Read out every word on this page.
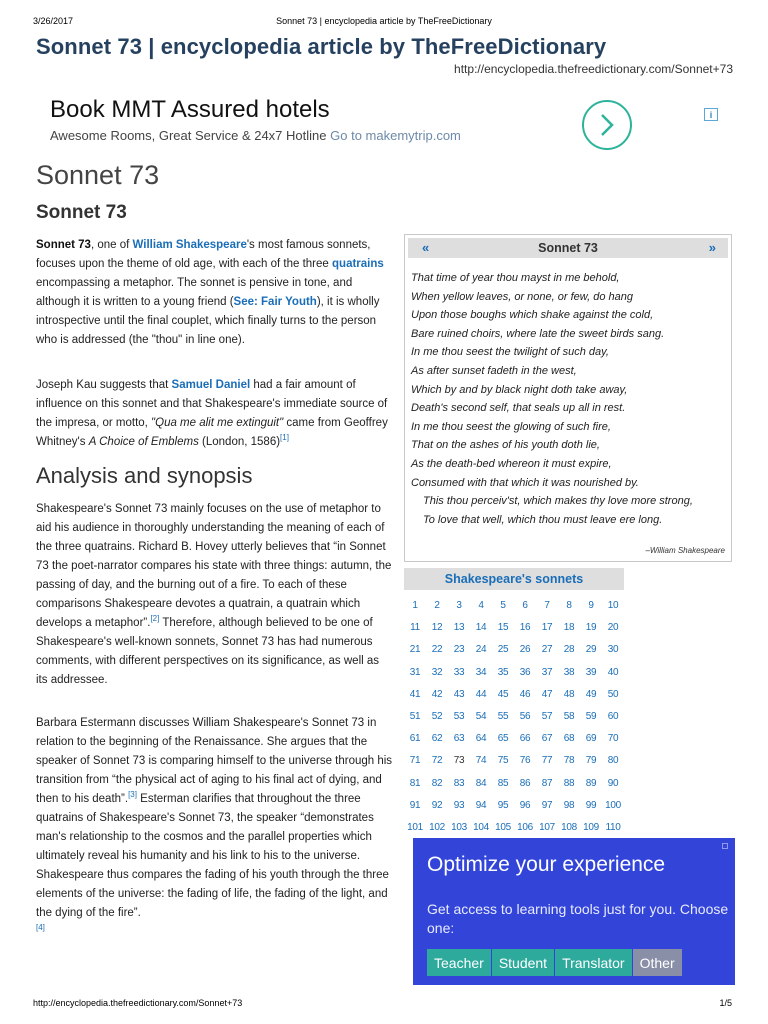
3/26/2017	Sonnet 73 | encyclopedia article by TheFreeDictionary
Sonnet 73 | encyclopedia article by TheFreeDictionary
http://encyclopedia.thefreedictionary.com/Sonnet+73
Book MMT Assured hotels
Awesome Rooms, Great Service & 24x7 Hotline Go to makemytrip.com
i
Sonnet 73
Sonnet 73

Sonnet 73, one of William Shakespeare's most famous sonnets, focuses upon the theme of old age, with each of the three quatrains encompassing a metaphor. The sonnet is pensive in tone, and although it is written to a young friend (See: Fair Youth), it is wholly introspective until the final couplet, which finally turns to the person who is addressed (the "thou" in line one).

Joseph Kau suggests that Samuel Daniel had a fair amount of influence on this sonnet and that Shakespeare's immediate source of the impresa, or motto, "Qua me alit me extinguit" came from Geoffrey Whitney's A Choice of Emblems (London, 1586)[1]

Analysis and synopsis

Shakespeare's Sonnet 73 mainly focuses on the use of metaphor to aid his audience in thoroughly understanding the meaning of each of the three quatrains. Richard B. Hovey utterly believes that “in Sonnet 73 the poet-narrator compares his state with three things: autumn, the passing of day, and the burning out of a fire. To each of these comparisons Shakespeare devotes a quatrain, a quatrain which develops a metaphor”.[2] Therefore, although believed to be one of Shakespeare's well-known sonnets, Sonnet 73 has had numerous comments, with different perspectives on its significance, as well as its addressee.

Barbara Estermann discusses William Shakespeare's Sonnet 73 in relation to the beginning of the Renaissance. She argues that the speaker of Sonnet 73 is comparing himself to the universe through his transition from “the physical act of aging to his final act of dying, and then to his death”.[3] Esterman clarifies that throughout the three quatrains of Shakespeare's Sonnet 73, the speaker “demonstrates man's relationship to the cosmos and the parallel properties which ultimately reveal his humanity and his link to his to the universe. Shakespeare thus compares the fading of his youth through the three elements of the universe: the fading of life, the fading of the light, and the dying of the fire”.
[4]

«	Sonnet 73	»
That time of year thou mayst in me behold,
When yellow leaves, or none, or few, do hang
Upon those boughs which shake against the cold,
Bare ruined choirs, where late the sweet birds sang.
In me thou seest the twilight of such day,
As after sunset fadeth in the west,
Which by and by black night doth take away,
Death's second self, that seals up all in rest.
In me thou seest the glowing of such fire,
That on the ashes of his youth doth lie,
As the death-bed whereon it must expire,
Consumed with that which it was nourished by.
This thou perceiv'st, which makes thy love more strong,
To love that well, which thou must leave ere long.
–William Shakespeare
Shakespeare's sonnets
1	2	3	4	5	6	7	8	9	10
11	12	13	14	15	16	17	18	19	20
21	22	23	24	25	26	27	28	29	30
31	32	33	34	35	36	37	38	39	40
41	42	43	44	45	46	47	48	49	50
51	52	53	54	55	56	57	58	59	60
61	62	63	64	65	66	67	68	69	70
71	72	73	74	75	76	77	78	79	80
81	82	83	84	85	86	87	88	89	90
91	92	93	94	95	96	97	98	99 100
101 102 103 104 105 106 107 108 109 110
Optimize your experience
Get access to learning tools just for you. Choose one:
Teacher	Student	Translator	Other
http://encyclopedia.thefreedictionary.com/Sonnet+73	1/5
